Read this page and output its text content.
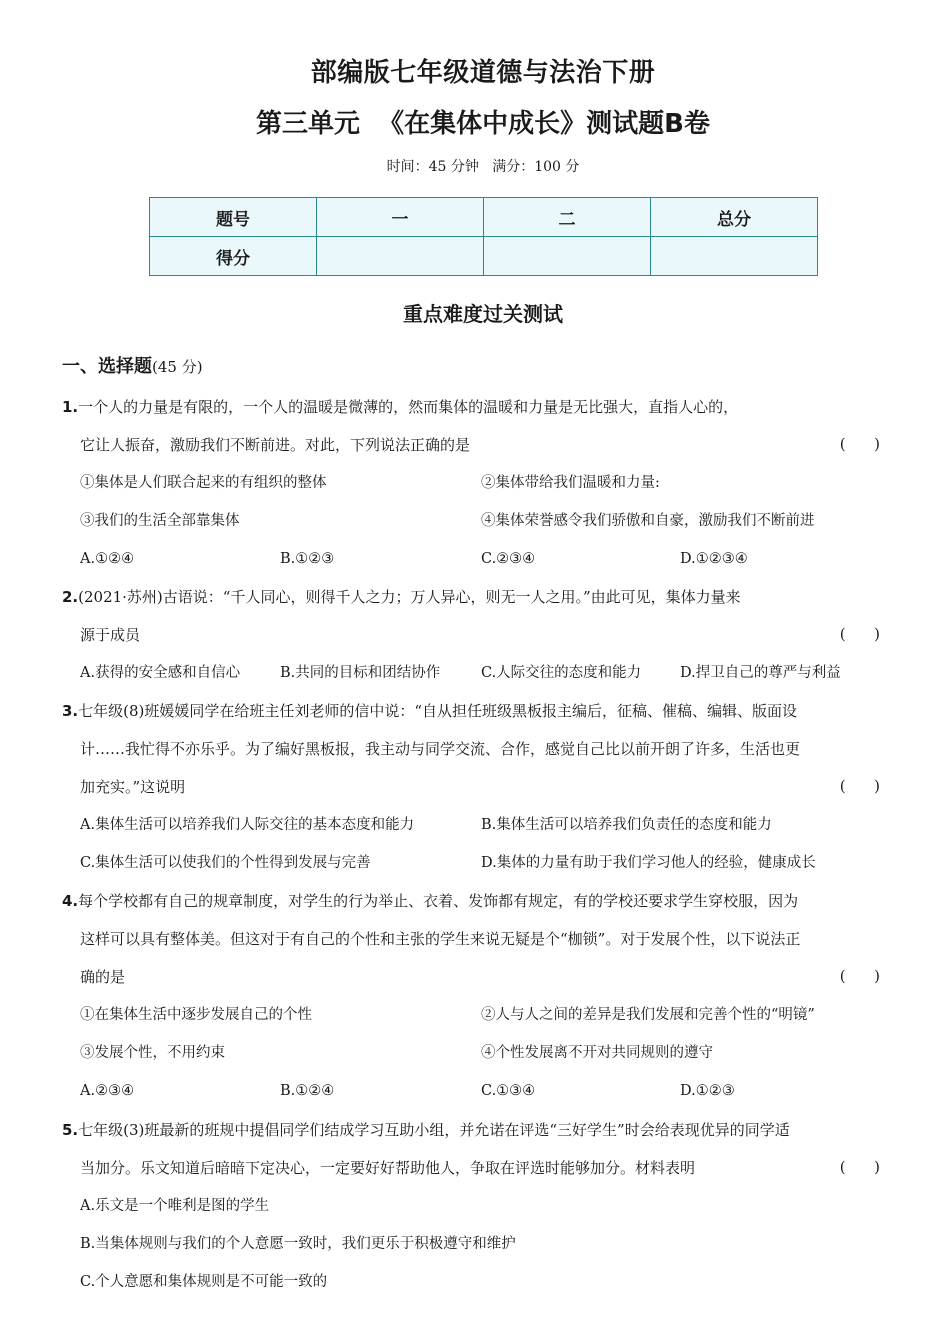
部编版七年级道德与法治下册
第三单元  《在集体中成长》测试题B卷
时间：45 分钟   满分：100 分
题号	一	二	总分
得分			
重点难度过关测试
一、选择题(45 分)
1.一个人的力量是有限的，一个人的温暖是微薄的，然而集体的温暖和力量是无比强大，直指人心的，
它让人振奋，激励我们不断前进。对此，下列说法正确的是	(      )
①集体是人们联合起来的有组织的整体	②集体带给我们温暖和力量:
③我们的生活全部靠集体	④集体荣誉感令我们骄傲和自豪，激励我们不断前进
A.①②④	B.①②③	C.②③④	D.①②③④
2.(2021·苏州)古语说：“千人同心，则得千人之力；万人异心，则无一人之用。”由此可见，集体力量来
源于成员	(      )
A.获得的安全感和自信心	B.共同的目标和团结协作	C.人际交往的态度和能力	D.捍卫自己的尊严与利益
3.七年级(8)班媛媛同学在给班主任刘老师的信中说：“自从担任班级黑板报主编后，征稿、催稿、编辑、版面设
计……我忙得不亦乐乎。为了编好黑板报，我主动与同学交流、合作，感觉自己比以前开朗了许多，生活也更
加充实。”这说明	(      )
A.集体生活可以培养我们人际交往的基本态度和能力	B.集体生活可以培养我们负责任的态度和能力
C.集体生活可以使我们的个性得到发展与完善	D.集体的力量有助于我们学习他人的经验，健康成长
4.每个学校都有自己的规章制度，对学生的行为举止、衣着、发饰都有规定，有的学校还要求学生穿校服，因为
这样可以具有整体美。但这对于有自己的个性和主张的学生来说无疑是个“枷锁”。对于发展个性，以下说法正
确的是	(      )
①在集体生活中逐步发展自己的个性	②人与人之间的差异是我们发展和完善个性的“明镜”
③发展个性，不用约束	④个性发展离不开对共同规则的遵守
A.②③④	B.①②④	C.①③④	D.①②③
5.七年级(3)班最新的班规中提倡同学们结成学习互助小组，并允诺在评选“三好学生”时会给表现优异的同学适
当加分。乐文知道后暗暗下定决心，一定要好好帮助他人，争取在评选时能够加分。材料表明	(      )
A.乐文是一个唯利是图的学生
B.当集体规则与我们的个人意愿一致时，我们更乐于积极遵守和维护
C.个人意愿和集体规则是不可能一致的
